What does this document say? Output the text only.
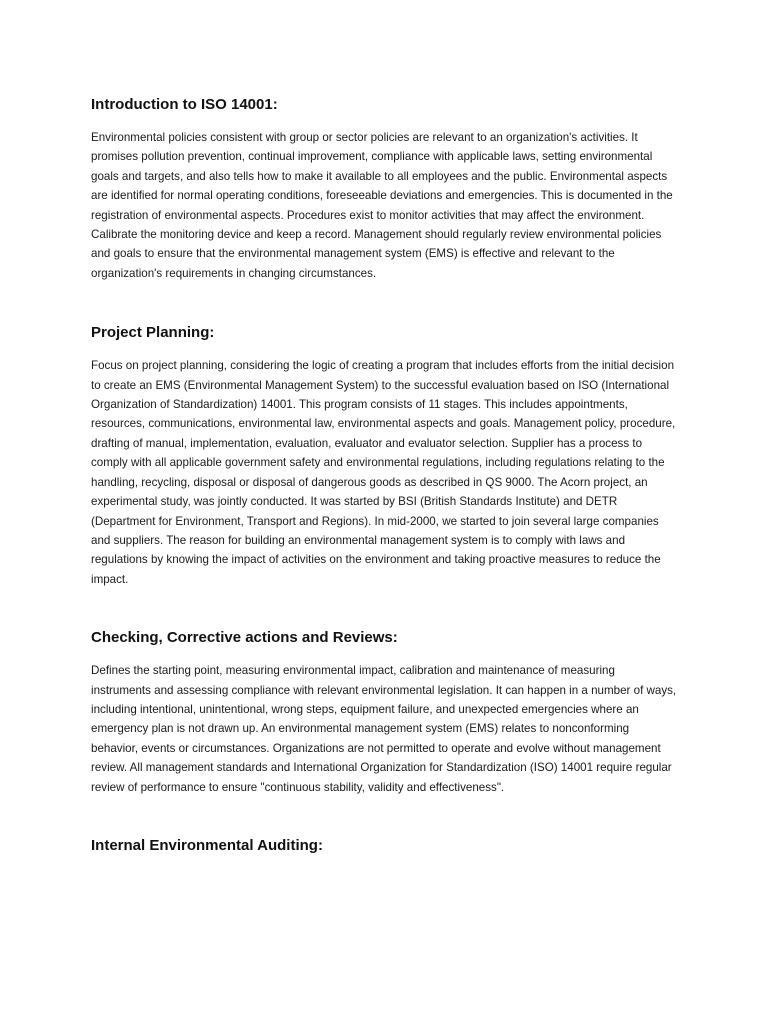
Introduction to ISO 14001:

Environmental policies consistent with group or sector policies are relevant to an organization's activities. It promises pollution prevention, continual improvement, compliance with applicable laws, setting environmental goals and targets, and also tells how to make it available to all employees and the public. Environmental aspects are identified for normal operating conditions, foreseeable deviations and emergencies. This is documented in the registration of environmental aspects. Procedures exist to monitor activities that may affect the environment. Calibrate the monitoring device and keep a record. Management should regularly review environmental policies and goals to ensure that the environmental management system (EMS) is effective and relevant to the organization's requirements in changing circumstances.

Project Planning:

Focus on project planning, considering the logic of creating a program that includes efforts from the initial decision to create an EMS (Environmental Management System) to the successful evaluation based on ISO (International Organization of Standardization) 14001. This program consists of 11 stages. This includes appointments, resources, communications, environmental law, environmental aspects and goals. Management policy, procedure, drafting of manual, implementation, evaluation, evaluator and evaluator selection. Supplier has a process to comply with all applicable government safety and environmental regulations, including regulations relating to the handling, recycling, disposal or disposal of dangerous goods as described in QS 9000. The Acorn project, an experimental study, was jointly conducted. It was started by BSI (British Standards Institute) and DETR (Department for Environment, Transport and Regions). In mid-2000, we started to join several large companies and suppliers. The reason for building an environmental management system is to comply with laws and regulations by knowing the impact of activities on the environment and taking proactive measures to reduce the impact.

Checking, Corrective actions and Reviews:

Defines the starting point, measuring environmental impact, calibration and maintenance of measuring instruments and assessing compliance with relevant environmental legislation. It can happen in a number of ways, including intentional, unintentional, wrong steps, equipment failure, and unexpected emergencies where an emergency plan is not drawn up. An environmental management system (EMS) relates to nonconforming behavior, events or circumstances. Organizations are not permitted to operate and evolve without management review. All management standards and International Organization for Standardization (ISO) 14001 require regular review of performance to ensure "continuous stability, validity and effectiveness".

Internal Environmental Auditing:
